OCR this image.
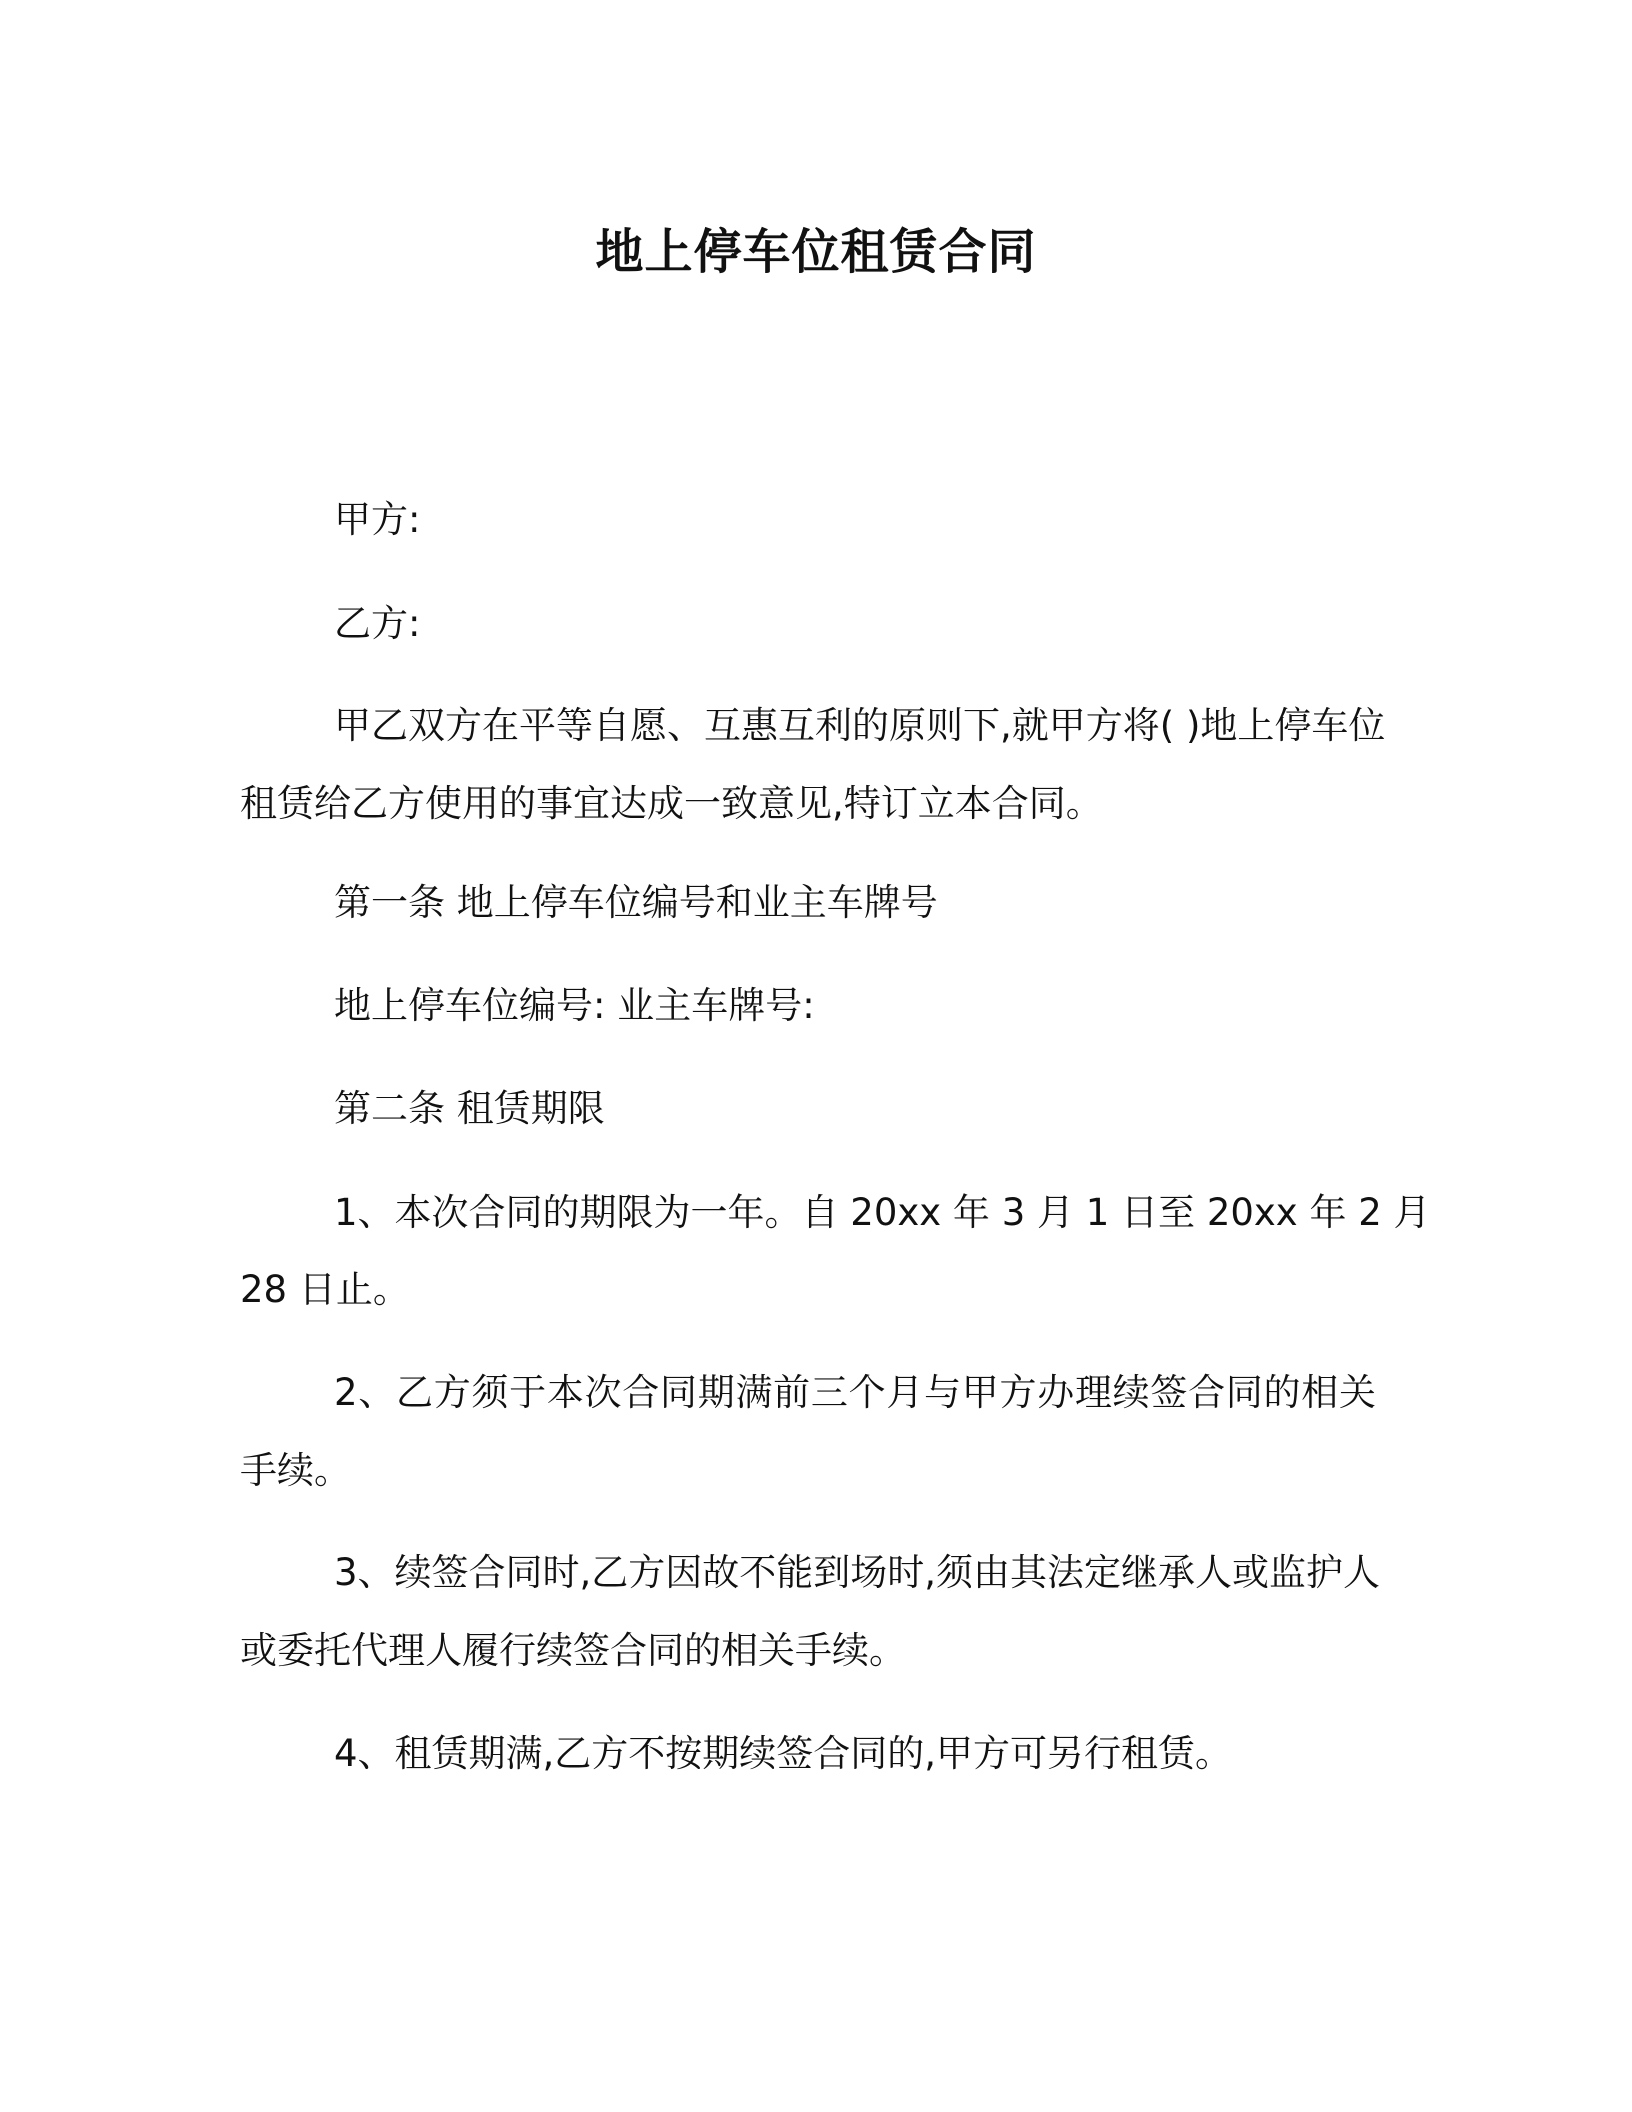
地上停车位租赁合同
甲方:
乙方:
甲乙双方在平等自愿、互惠互利的原则下,就甲方将( )地上停车位
租赁给乙方使用的事宜达成一致意见,特订立本合同。
第一条 地上停车位编号和业主车牌号
地上停车位编号: 业主车牌号:
第二条 租赁期限
1、本次合同的期限为一年。自 20xx 年 3 月 1 日至 20xx 年 2 月
28 日止。
2、乙方须于本次合同期满前三个月与甲方办理续签合同的相关
手续。
3、续签合同时,乙方因故不能到场时,须由其法定继承人或监护人
或委托代理人履行续签合同的相关手续。
4、租赁期满,乙方不按期续签合同的,甲方可另行租赁。
